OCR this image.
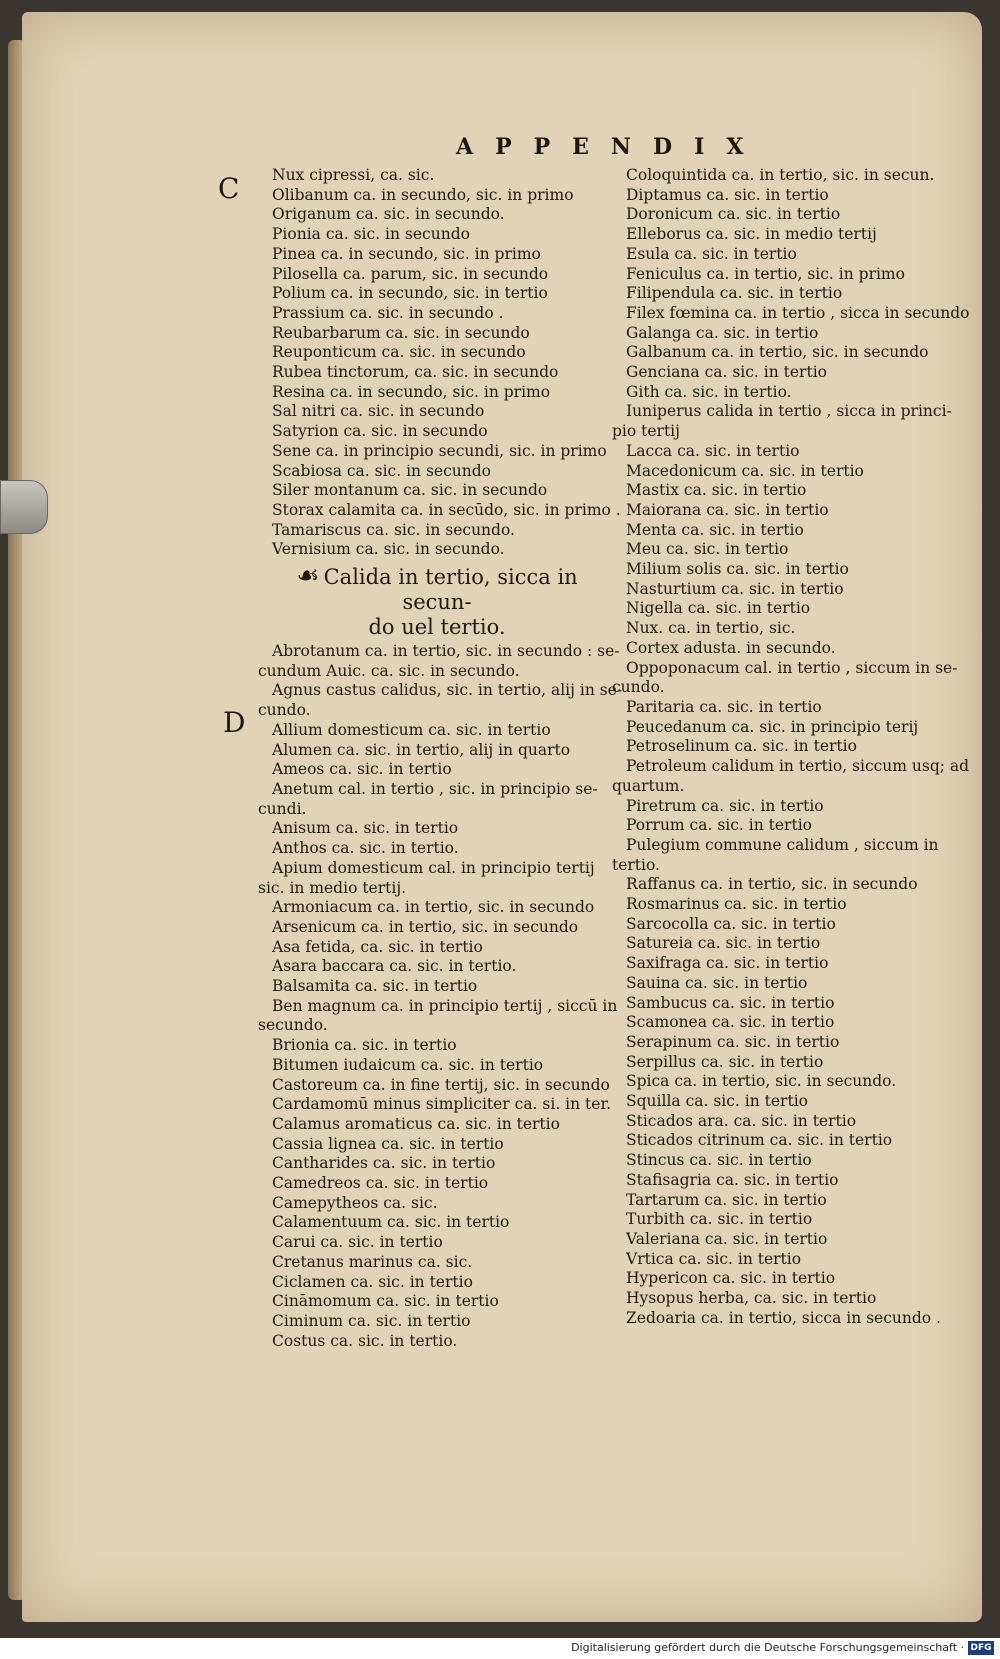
APPENDIX
C
D
Nux cipressi, ca. sic.
Olibanum ca. in secundo, sic. in primo
Origanum ca. sic. in secundo.
Pionia ca. sic. in secundo
Pinea ca. in secundo, sic. in primo
Pilosella ca. parum, sic. in secundo
Polium ca. in secundo, sic. in tertio
Prassium ca. sic. in secundo .
Reubarbarum ca. sic. in secundo
Reuponticum ca. sic. in secundo
Rubea tinctorum, ca. sic. in secundo
Resina ca. in secundo, sic. in primo
Sal nitri ca. sic. in secundo
Satyrion ca. sic. in secundo
Sene ca. in principio secundi, sic. in primo
Scabiosa ca. sic. in secundo
Siler montanum ca. sic. in secundo
Storax calamita ca. in secūdo, sic. in primo .
Tamariscus ca. sic. in secundo.
Vernisium ca. sic. in secundo.
☙ Calida in tertio, sicca in secun-
do uel tertio.
Abrotanum ca. in tertio, sic. in secundo : se-
cundum Auic. ca. sic. in secundo.
Agnus castus calidus, sic. in tertio, alij in se-
cundo.
Allium domesticum ca. sic. in tertio
Alumen ca. sic. in tertio, alij in quarto
Ameos ca. sic. in tertio
Anetum cal. in tertio , sic. in principio se-
cundi.
Anisum ca. sic. in tertio
Anthos ca. sic. in tertio.
Apium domesticum cal. in principio tertij
sic. in medio tertij.
Armoniacum ca. in tertio, sic. in secundo
Arsenicum ca. in tertio, sic. in secundo
Asa fetida, ca. sic. in tertio
Asara baccara ca. sic. in tertio.
Balsamita ca. sic. in tertio
Ben magnum ca. in principio tertij , siccū in
secundo.
Brionia ca. sic. in tertio
Bitumen iudaicum ca. sic. in tertio
Castoreum ca. in fine tertij, sic. in secundo
Cardamomū minus simpliciter ca. si. in ter.
Calamus aromaticus ca. sic. in tertio
Cassia lignea ca. sic. in tertio
Cantharides ca. sic. in tertio
Camedreos ca. sic. in tertio
Camepytheos ca. sic.
Calamentuum ca. sic. in tertio
Carui ca. sic. in tertio
Cretanus marinus ca. sic.
Ciclamen ca. sic. in tertio
Cināmomum ca. sic. in tertio
Ciminum ca. sic. in tertio
Costus ca. sic. in tertio.
Coloquintida ca. in tertio, sic. in secun.
Diptamus ca. sic. in tertio
Doronicum ca. sic. in tertio
Elleborus ca. sic. in medio tertij
Esula ca. sic. in tertio
Feniculus ca. in tertio, sic. in primo
Filipendula ca. sic. in tertio
Filex fœmina ca. in tertio , sicca in secundo
Galanga ca. sic. in tertio
Galbanum ca. in tertio, sic. in secundo
Genciana ca. sic. in tertio
Gith ca. sic. in tertio.
Iuniperus calida in tertio , sicca in princi-
pio tertij
Lacca ca. sic. in tertio
Macedonicum ca. sic. in tertio
Mastix ca. sic. in tertio
Maiorana ca. sic. in tertio
Menta ca. sic. in tertio
Meu ca. sic. in tertio
Milium solis ca. sic. in tertio
Nasturtium ca. sic. in tertio
Nigella ca. sic. in tertio
Nux. ca. in tertio, sic.
Cortex adusta. in secundo.
Oppoponacum cal. in tertio , siccum in se-
cundo.
Paritaria ca. sic. in tertio
Peucedanum ca. sic. in principio terij
Petroselinum ca. sic. in tertio
Petroleum calidum in tertio, siccum usq; ad
quartum.
Piretrum ca. sic. in tertio
Porrum ca. sic. in tertio
Pulegium commune calidum , siccum in
tertio.
Raffanus ca. in tertio, sic. in secundo
Rosmarinus ca. sic. in tertio
Sarcocolla ca. sic. in tertio
Satureia ca. sic. in tertio
Saxifraga ca. sic. in tertio
Sauina ca. sic. in tertio
Sambucus ca. sic. in tertio
Scamonea ca. sic. in tertio
Serapinum ca. sic. in tertio
Serpillus ca. sic. in tertio
Spica ca. in tertio, sic. in secundo.
Squilla ca. sic. in tertio
Sticados ara. ca. sic. in tertio
Sticados citrinum ca. sic. in tertio
Stincus ca. sic. in tertio
Stafisagria ca. sic. in tertio
Tartarum ca. sic. in tertio
Turbith ca. sic. in tertio
Valeriana ca. sic. in tertio
Vrtica ca. sic. in tertio
Hypericon ca. sic. in tertio
Hysopus herba, ca. sic. in tertio
Zedoaria ca. in tertio, sicca in secundo .
Digitalisierung gefördert durch die Deutsche Forschungsgemeinschaft · DFG
